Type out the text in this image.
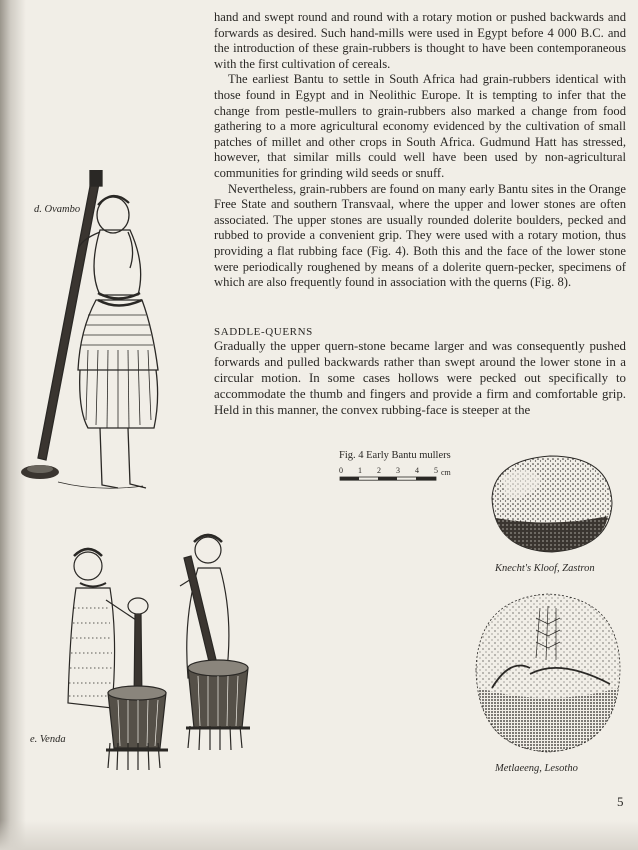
hand and swept round and round with a rotary motion or pushed backwards and forwards as desired. Such hand-mills were used in Egypt before 4 000 B.C. and the introduction of these grain-rubbers is thought to have been contemporaneous with the first cultivation of cereals.

The earliest Bantu to settle in South Africa had grain-rubbers identical with those found in Egypt and in Neolithic Europe. It is tempting to infer that the change from pestle-mullers to grain-rubbers also marked a change from food gathering to a more agricultural economy evidenced by the cultivation of small patches of millet and other crops in South Africa. Gudmund Hatt has stressed, however, that similar mills could well have been used by non-agricultural communities for grinding wild seeds or snuff.

Nevertheless, grain-rubbers are found on many early Bantu sites in the Orange Free State and southern Transvaal, where the upper and lower stones are often associated. The upper stones are usually rounded dolerite boulders, pecked and rubbed to provide a convenient grip. They were used with a rotary motion, thus providing a flat rubbing face (Fig. 4). Both this and the face of the lower stone were periodically roughened by means of a dolerite quern-pecker, specimens of which are also frequently found in association with the querns (Fig. 8).

SADDLE-QUERNS

Gradually the upper quern-stone became larger and was consequently pushed forwards and pulled backwards rather than swept around the lower stone in a circular motion. In some cases hollows were pecked out specifically to accommodate the thumb and fingers and provide a firm and comfortable grip. Held in this manner, the convex rubbing-face is steeper at the

Fig. 4 Early Bantu mullers
0 1 2 3 4 5 cm
d. Ovambo
e. Venda
Knecht's Kloof, Zastron
Metlaeeng, Lesotho
5
